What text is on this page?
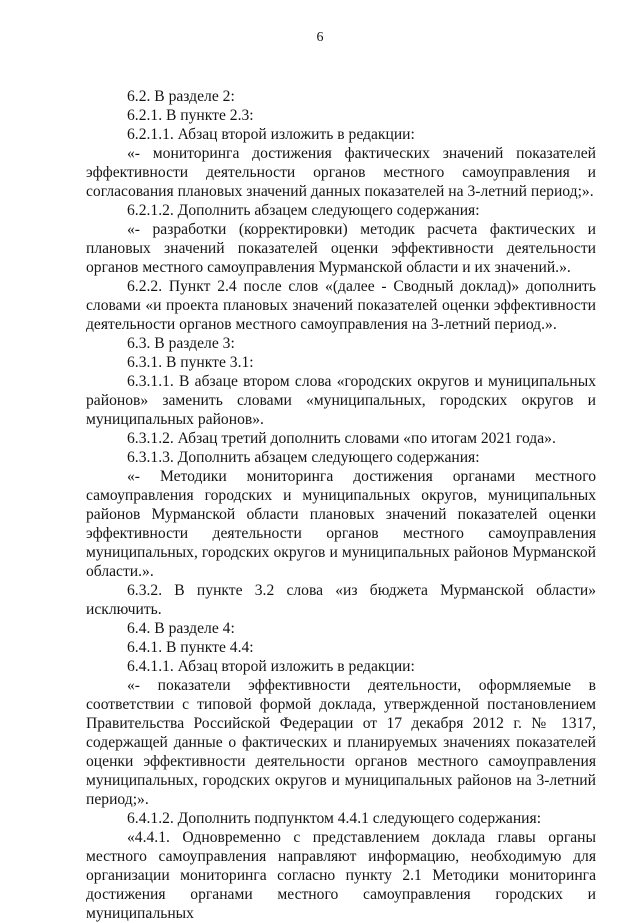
6

6.2. В разделе 2:

6.2.1. В пункте 2.3:

6.2.1.1. Абзац второй изложить в редакции:

«- мониторинга достижения фактических значений показателей эффективности деятельности органов местного самоуправления и согласования плановых значений данных показателей на 3-летний период;».

6.2.1.2. Дополнить абзацем следующего содержания:

«- разработки (корректировки) методик расчета фактических и плановых значений показателей оценки эффективности деятельности органов местного самоуправления Мурманской области и их значений.».

6.2.2. Пункт 2.4 после слов «(далее - Сводный доклад)» дополнить словами «и проекта плановых значений показателей оценки эффективности деятельности органов местного самоуправления на 3-летний период.».

6.3. В разделе 3:

6.3.1. В пункте 3.1:

6.3.1.1. В абзаце втором слова «городских округов и муниципальных районов» заменить словами «муниципальных, городских округов и муниципальных районов».

6.3.1.2. Абзац третий дополнить словами «по итогам 2021 года».

6.3.1.3. Дополнить абзацем следующего содержания:

«- Методики мониторинга достижения органами местного самоуправления городских и муниципальных округов, муниципальных районов Мурманской области плановых значений показателей оценки эффективности деятельности органов местного самоуправления муниципальных, городских округов и муниципальных районов Мурманской области.».

6.3.2. В пункте 3.2 слова «из бюджета Мурманской области» исключить.

6.4. В разделе 4:

6.4.1. В пункте 4.4:

6.4.1.1. Абзац второй изложить в редакции:

«- показатели эффективности деятельности, оформляемые в соответствии с типовой формой доклада, утвержденной постановлением Правительства Российской Федерации от 17 декабря 2012 г. № 1317, содержащей данные о фактических и планируемых значениях показателей оценки эффективности деятельности органов местного самоуправления муниципальных, городских округов и муниципальных районов на 3-летний период;».

6.4.1.2. Дополнить подпунктом 4.4.1 следующего содержания:

«4.4.1. Одновременно с представлением доклада главы органы местного самоуправления направляют информацию, необходимую для организации мониторинга согласно пункту 2.1 Методики мониторинга достижения органами местного самоуправления городских и муниципальных
